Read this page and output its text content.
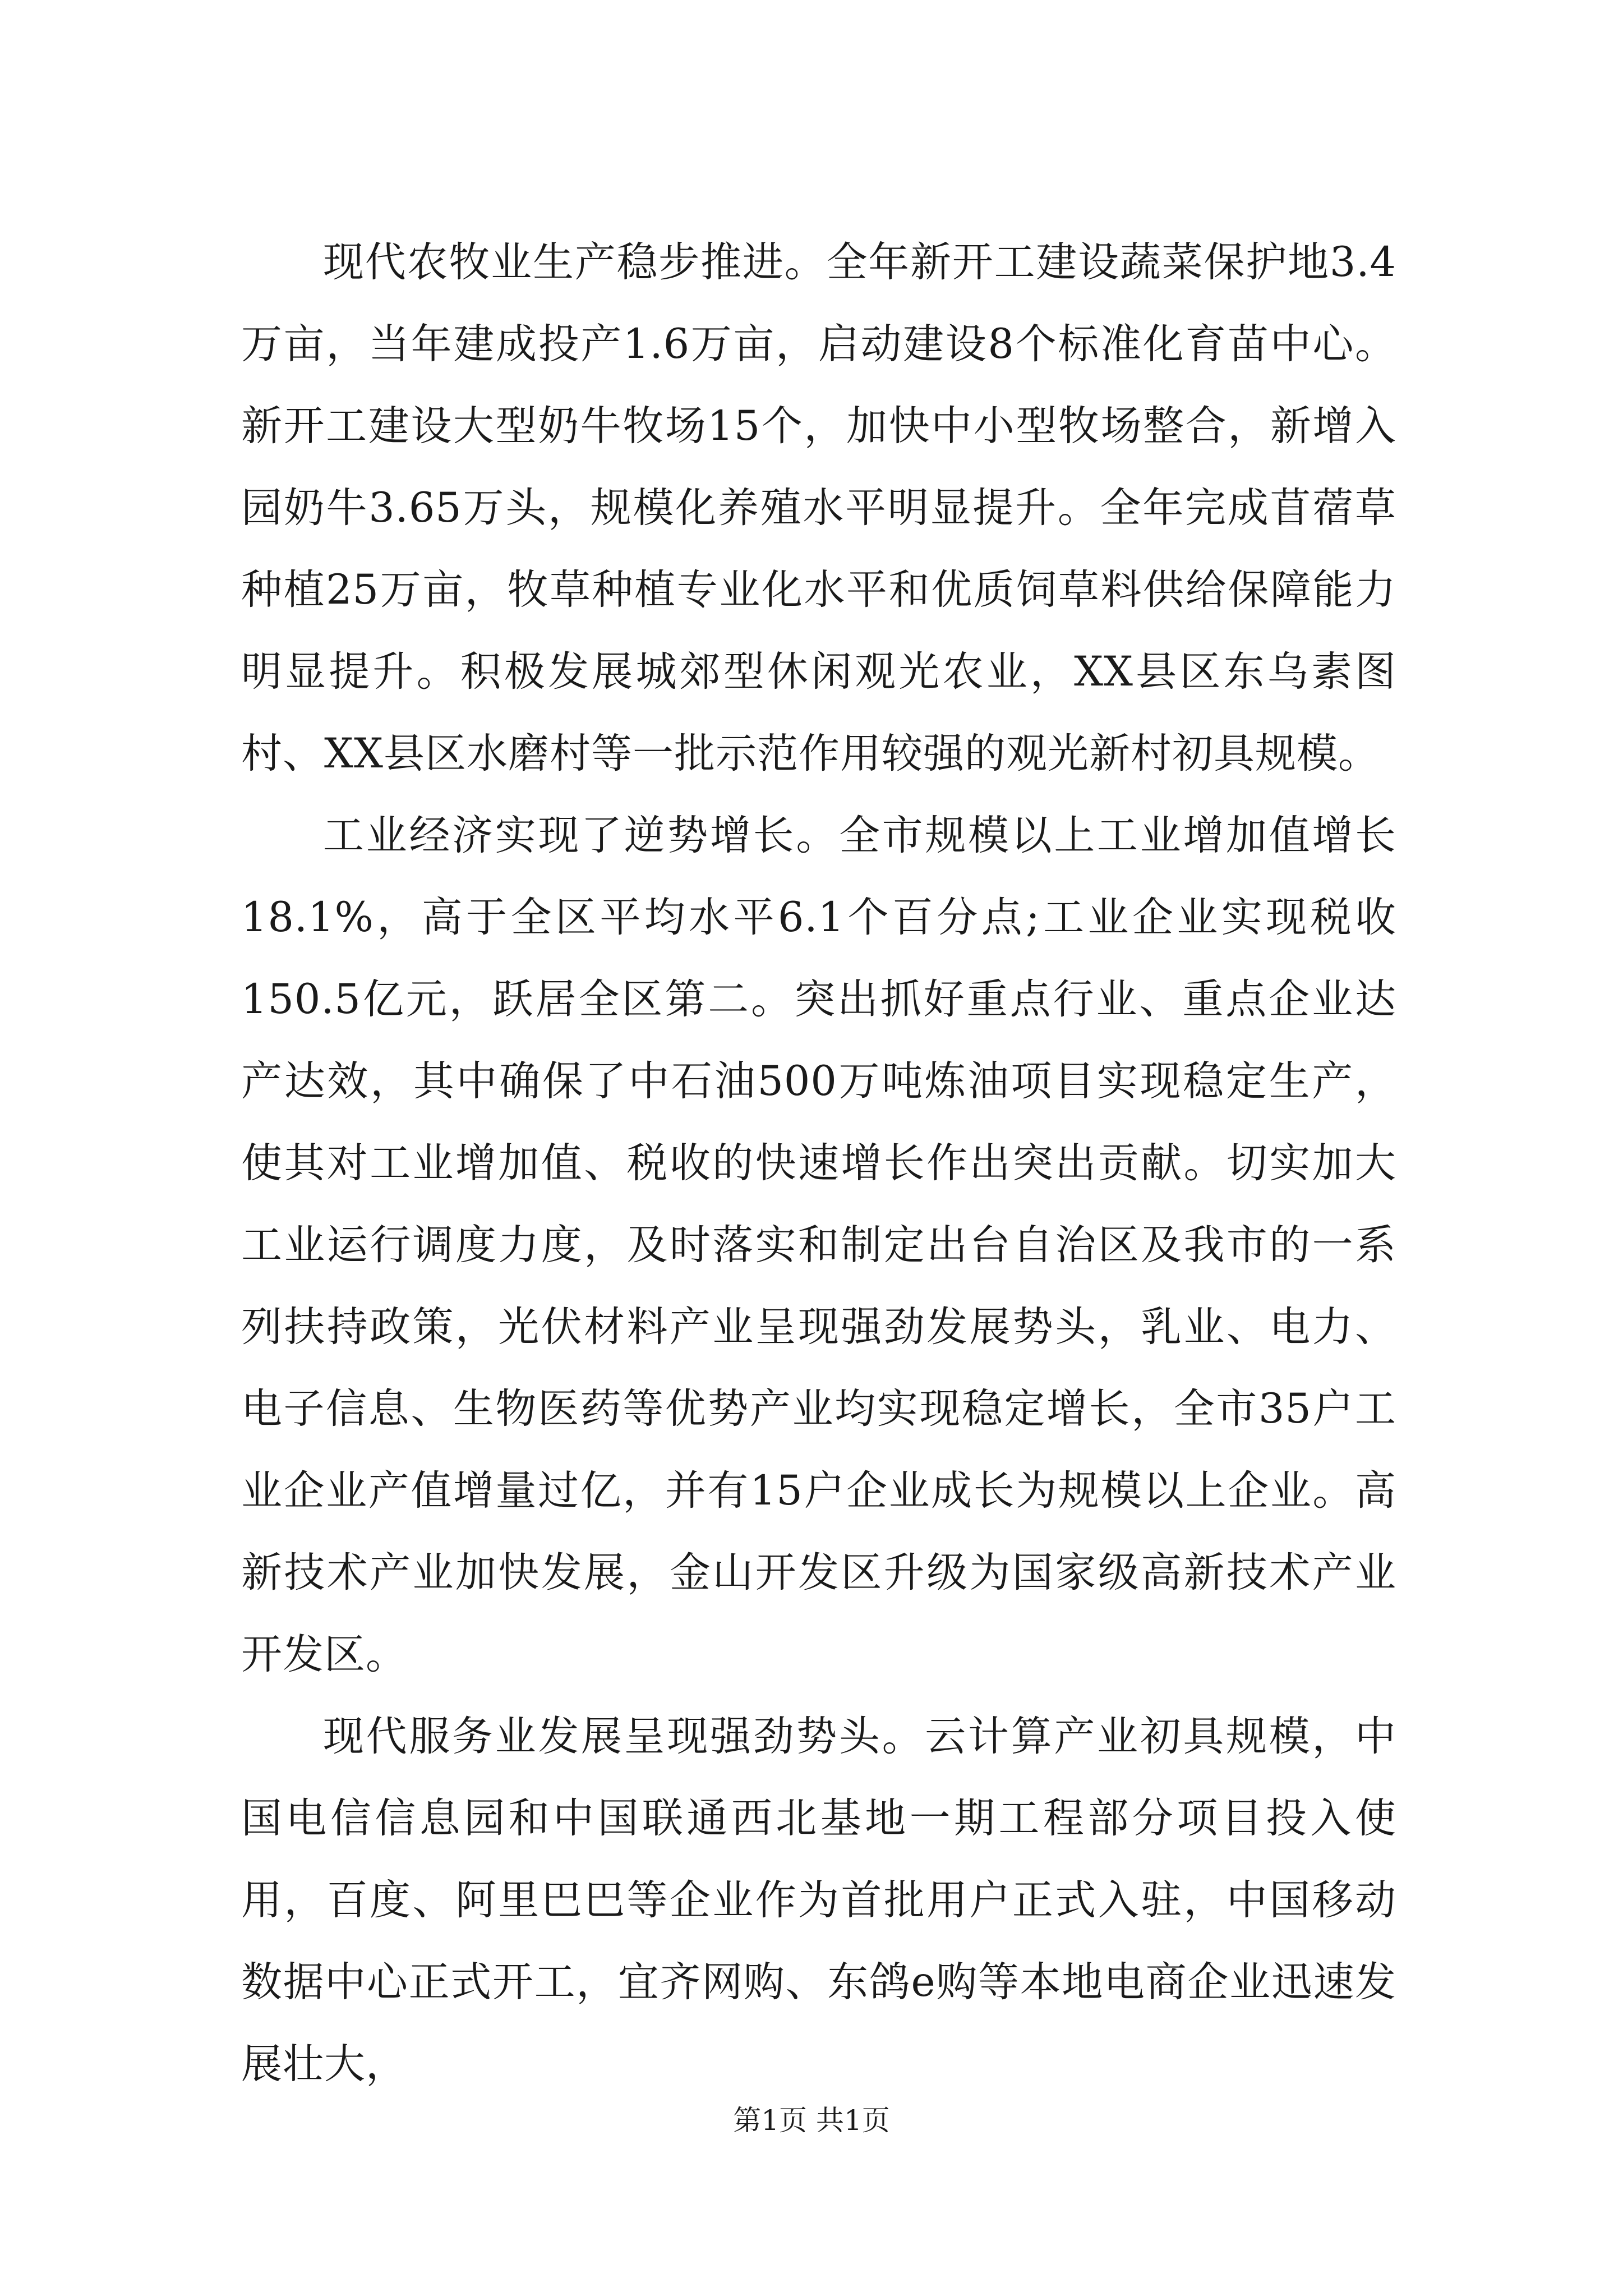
现代农牧业生产稳步推进。全年新开工建设蔬菜保护地3.4万亩，当年建成投产1.6万亩，启动建设8个标准化育苗中心。新开工建设大型奶牛牧场15个，加快中小型牧场整合，新增入园奶牛3.65万头，规模化养殖水平明显提升。全年完成苜蓿草种植25万亩，牧草种植专业化水平和优质饲草料供给保障能力明显提升。积极发展城郊型休闲观光农业，XX县区东乌素图村、XX县区水磨村等一批示范作用较强的观光新村初具规模。

工业经济实现了逆势增长。全市规模以上工业增加值增长18.1%，高于全区平均水平6.1个百分点;工业企业实现税收150.5亿元，跃居全区第二。突出抓好重点行业、重点企业达产达效，其中确保了中石油500万吨炼油项目实现稳定生产，使其对工业增加值、税收的快速增长作出突出贡献。切实加大工业运行调度力度，及时落实和制定出台自治区及我市的一系列扶持政策，光伏材料产业呈现强劲发展势头，乳业、电力、电子信息、生物医药等优势产业均实现稳定增长，全市35户工业企业产值增量过亿，并有15户企业成长为规模以上企业。高新技术产业加快发展，金山开发区升级为国家级高新技术产业开发区。

现代服务业发展呈现强劲势头。云计算产业初具规模，中国电信信息园和中国联通西北基地一期工程部分项目投入使用，百度、阿里巴巴等企业作为首批用户正式入驻，中国移动数据中心正式开工，宜齐网购、东鸽e购等本地电商企业迅速发展壮大，

第1页 共1页
